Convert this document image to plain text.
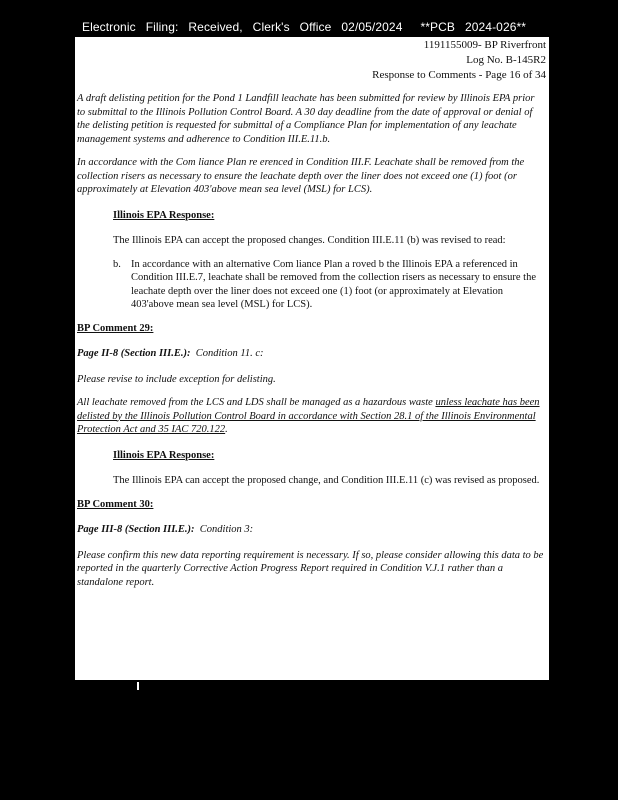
Electronic Filing: Received, Clerk's Office 02/05/2024 **PCB 2024-026**
1191155009- BP Riverfront
Log No. B-145R2
Response to Comments - Page 16 of 34

A draft delisting petition for the Pond 1 Landfill leachate has been submitted for review by Illinois EPA prior to submittal to the Illinois Pollution Control Board. A 30 day deadline from the date of approval or denial of the delisting petition is requested for submittal of a Compliance Plan for implementation of any leachate management systems and adherence to Condition III.E.11.b.

In accordance with the Com liance Plan re erenced in Condition III.F. Leachate shall be removed from the collection risers as necessary to ensure the leachate depth over the liner does not exceed one (1) foot (or approximately at Elevation 403'above mean sea level (MSL) for LCS).

Illinois EPA Response:

The Illinois EPA can accept the proposed changes. Condition III.E.11 (b) was revised to read:

b. In accordance with an alternative Com liance Plan a roved b the Illinois EPA a referenced in Condition III.E.7, leachate shall be removed from the collection risers as necessary to ensure the leachate depth over the liner does not exceed one (1) foot (or approximately at Elevation 403'above mean sea level (MSL) for LCS).
BP Comment 29:

Page II-8 (Section III.E.): Condition 11. c:

Please revise to include exception for delisting.

All leachate removed from the LCS and LDS shall be managed as a hazardous waste unless leachate has been delisted by the Illinois Pollution Control Board in accordance with Section 28.1 of the Illinois Environmental Protection Act and 35 IAC 720.122.

Illinois EPA Response:

The Illinois EPA can accept the proposed change, and Condition III.E.11 (c) was revised as proposed.

BP Comment 30:

Page III-8 (Section III.E.): Condition 3:

Please confirm this new data reporting requirement is necessary. If so, please consider allowing this data to be reported in the quarterly Corrective Action Progress Report required in Condition V.J.1 rather than a standalone report.
